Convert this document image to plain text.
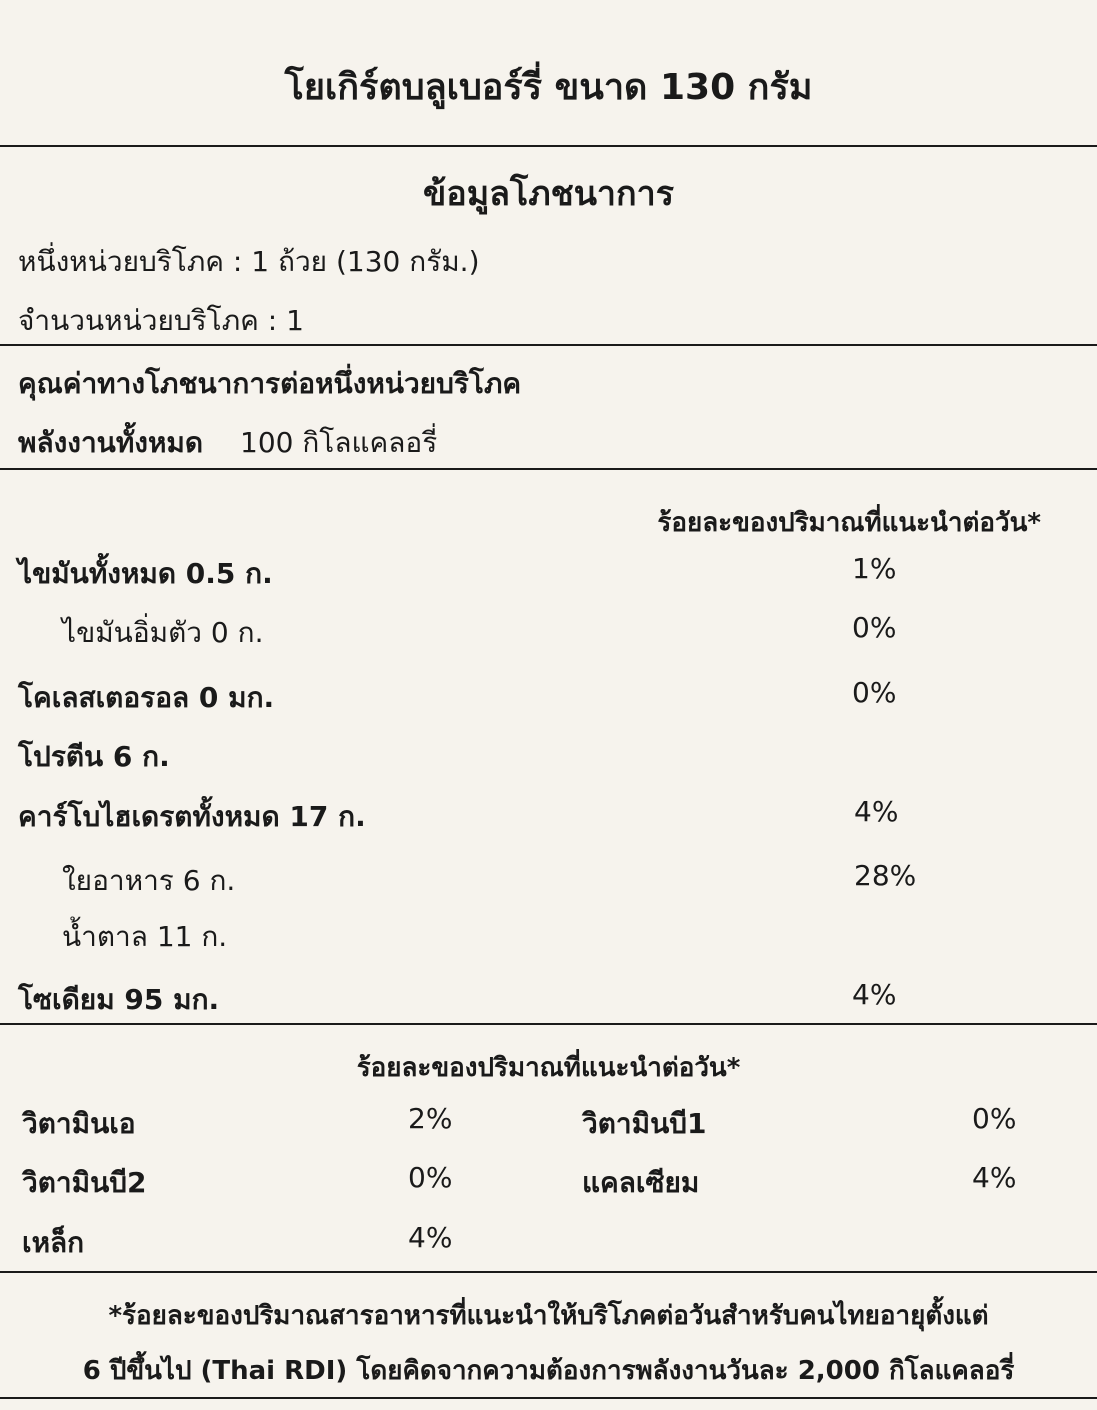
โยเกิร์ตบลูเบอร์รี่ ขนาด 130 กรัม
ข้อมูลโภชนาการ
หนึ่งหน่วยบริโภค : 1 ถ้วย (130 กรัม.)
จำนวนหน่วยบริโภค : 1
คุณค่าทางโภชนาการต่อหนึ่งหน่วยบริโภค
พลังงานทั้งหมด 100 กิโลแคลอรี่
ร้อยละของปริมาณที่แนะนำต่อวัน*
ไขมันทั้งหมด 0.5 ก.	1%
ไขมันอิ่มตัว 0 ก.	0%
โคเลสเตอรอล 0 มก.	0%
โปรตีน 6 ก.
คาร์โบไฮเดรตทั้งหมด 17 ก.	4%
ใยอาหาร 6 ก.	28%
น้ำตาล 11 ก.
โซเดียม 95 มก.	4%
ร้อยละของปริมาณที่แนะนำต่อวัน*
วิตามินเอ	2%	วิตามินบี1	0%
วิตามินบี2	0%	แคลเซียม	4%
เหล็ก	4%
*ร้อยละของปริมาณสารอาหารที่แนะนำให้บริโภคต่อวันสำหรับคนไทยอายุตั้งแต่
6 ปีขึ้นไป (Thai RDI) โดยคิดจากความต้องการพลังงานวันละ 2,000 กิโลแคลอรี่
